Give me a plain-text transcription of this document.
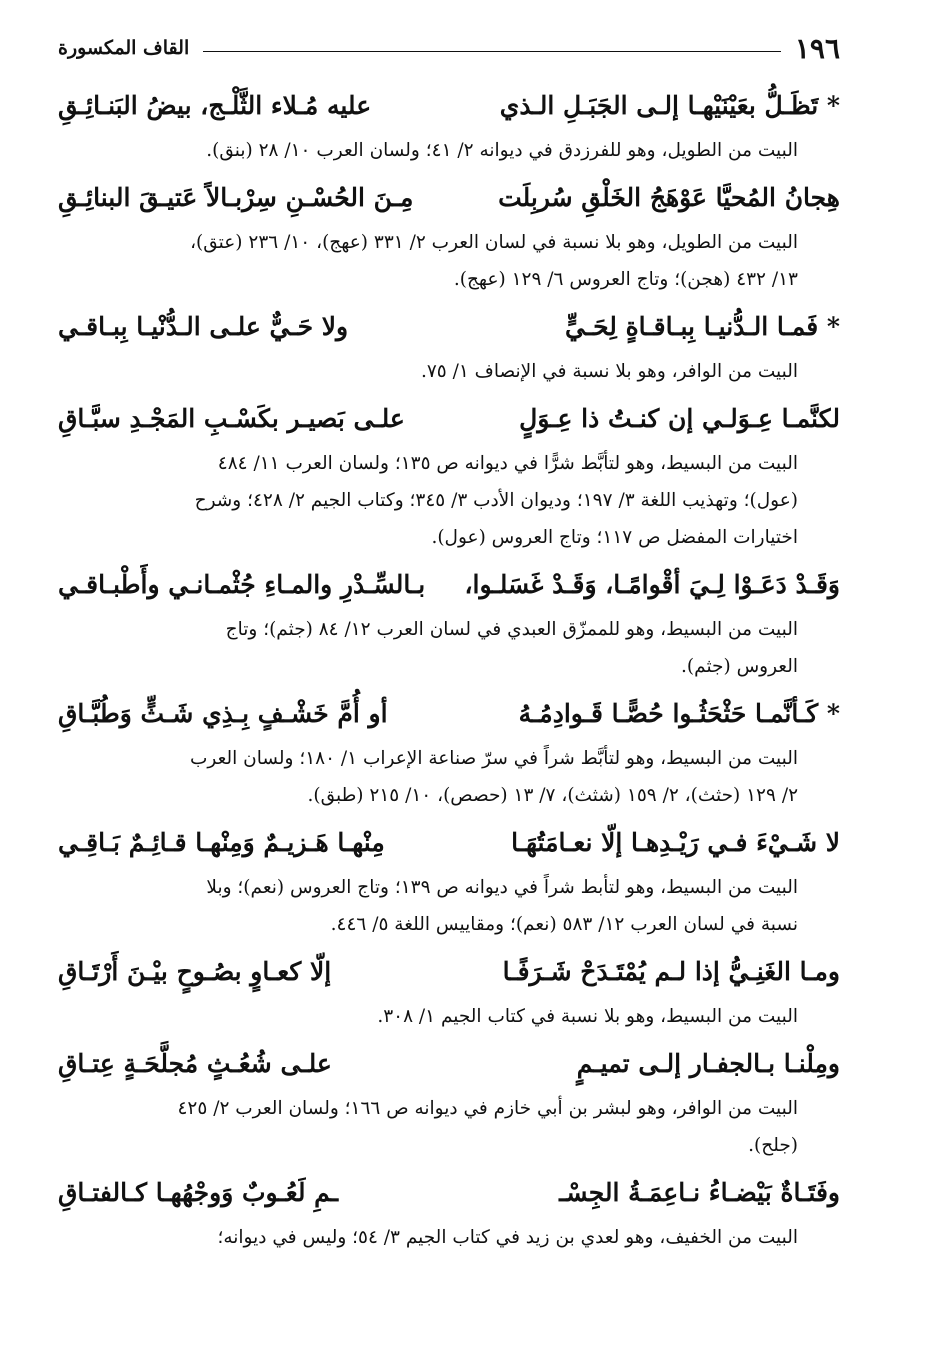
القاف المكسورة	١٩٦
* تَظَـلُّ بعَيْنَيْهـا إلـى الجَبَـلِ الـذي
عليه مُـلاء الثَّلْـج، بيضُ البَنـائِـقِ
البيت من الطويل، وهو للفرزدق في ديوانه ٢/ ٤١؛ ولسان العرب ١٠/ ٢٨ (بنق).
هِجانُ المُحيَّا عَوْهَجُ الخَلْقِ سُربِلَت
مِـنَ الحُسْـنِ سِرْبـالاً عَتيـقَ البنائِـقِ
البيت من الطويل، وهو بلا نسبة في لسان العرب ٢/ ٣٣١ (عهج)، ١٠/ ٢٣٦ (عتق)،
١٣/ ٤٣٢ (هجن)؛ وتاج العروس ٦/ ١٢٩ (عهج).
* فَمـا الـدُّنيـا بِبـاقـاةٍ لِحَـيٍّ
ولا حَـيٌّ علـى الـدُّنْيـا بِبـاقـي
البيت من الوافر، وهو بلا نسبة في الإنصاف ١/ ٧٥.
لكنَّمـا عِـوَلـي إن كنـتُ ذا عِـوَلٍ
علـى بَصيـر بكَسْـبِ المَجْـدِ سبَّـاقِ
البيت من البسيط، وهو لتأبَّط شرًّا في ديوانه ص ١٣٥؛ ولسان العرب ١١/ ٤٨٤
(عول)؛ وتهذيب اللغة ٣/ ١٩٧؛ وديوان الأدب ٣/ ٣٤٥؛ وكتاب الجيم ٢/ ٤٢٨؛ وشرح
اختيارات المفضل ص ١١٧؛ وتاج العروس (عول).
وَقَـدْ دَعَـوْا لِـيَ أقْوامًـا، وَقَـدْ غَسَلـوا،
بـالسِّـدْرِ والمـاءِ جُثْمـانـي وأَطْبـاقـي
البيت من البسيط، وهو للممزّق العبدي في لسان العرب ١٢/ ٨٤ (جثم)؛ وتاج
العروس (جثم).
* كَـأنَّمـا حَثْحَثُـوا حُصًّـا قَـوادِمُـهُ
أو أُمَّ خَشْـفٍ بِـذِي شَـثٍّ وَطُبَّـاقِ
البيت من البسيط، وهو لتأبَّط شراً في سرّ صناعة الإعراب ١/ ١٨٠؛ ولسان العرب
٢/ ١٢٩ (حثث)، ٢/ ١٥٩ (شثث)، ٧/ ١٣ (حصص)، ١٠/ ٢١٥ (طبق).
لا شَـيْءَ فـي رَيْـدِهـا إلّا نعـامَتُهَـا
مِنْهـا هَـزيـمٌ وَمِنْهـا قـائِـمٌ بَـاقِـي
البيت من البسيط، وهو لتأبط شراً في ديوانه ص ١٣٩؛ وتاج العروس (نعم)؛ وبلا
نسبة في لسان العرب ١٢/ ٥٨٣ (نعم)؛ ومقاييس اللغة ٥/ ٤٤٦.
ومـا الغَنِـيُّ إذا لـم يُمْتَـدَحْ شَـرَفًـا
إلّا كعـاوٍ بصُـوحٍ بيْـنَ أَرْتَـاقِ
البيت من البسيط، وهو بلا نسبة في كتاب الجيم ١/ ٣٠٨.
ومِلْنـا بـالجفـار إلـى تميـمٍ
علـى شُعُـثٍ مُجلَّحَـةٍ عِتـاقِ
البيت من الوافر، وهو لبشر بن أبي خازم في ديوانه ص ١٦٦؛ ولسان العرب ٢/ ٤٢٥
(جلح).
وفَتَـاةٌ بَيْضـاءُ نـاعِمَـةُ الجِسْـ
ـمِ لَعُـوبٌ وَوجْهُهـا كـالفتـاقِ
البيت من الخفيف، وهو لعدي بن زيد في كتاب الجيم ٣/ ٥٤؛ وليس في ديوانه؛
